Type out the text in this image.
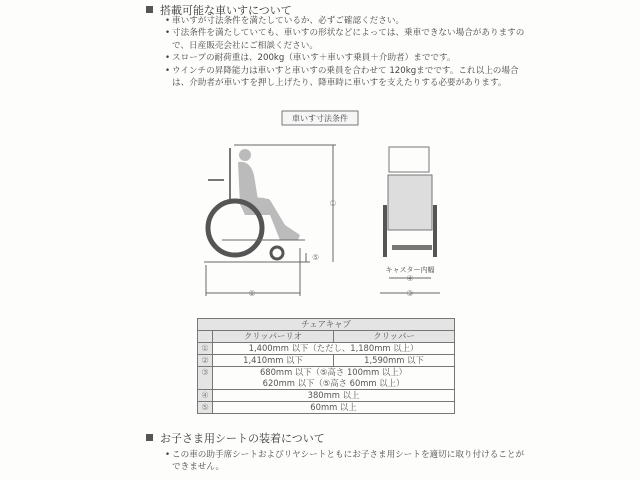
搭載可能な車いすについて

• 車いすが寸法条件を満たしているか、必ずご確認ください。

• 寸法条件を満たしていても、車いすの形状などによっては、乗車できない場合がありますので、日産販売会社にご相談ください。

• スロープの耐荷重は、200kg（車いす＋車いす乗員＋介助者）までです。

• ウインチの昇降能力は車いすと車いすの乗員を合わせて 120kgまでです。これ以上の場合は、介助者が車いすを押し上げたり、降車時に車いすを支えたりする必要があります。

車いす寸法条件
①
⑤
②
キャスター内幅
④
③
チェアキャブ		
	クリッパーリオ	クリッパー
①	1,400mm 以下（ただし、1,180mm 以上）	
②	1,410mm 以下	1,590mm 以下
③	680mm 以下（⑤高さ 100mm 以上）
620mm 以下（⑤高さ 60mm 以上）	

④	380mm 以上	
⑤	60mm 以上	
お子さま用シートの装着について

• この車の助手席シートおよびリヤシートともにお子さま用シートを適切に取り付けることができません。
